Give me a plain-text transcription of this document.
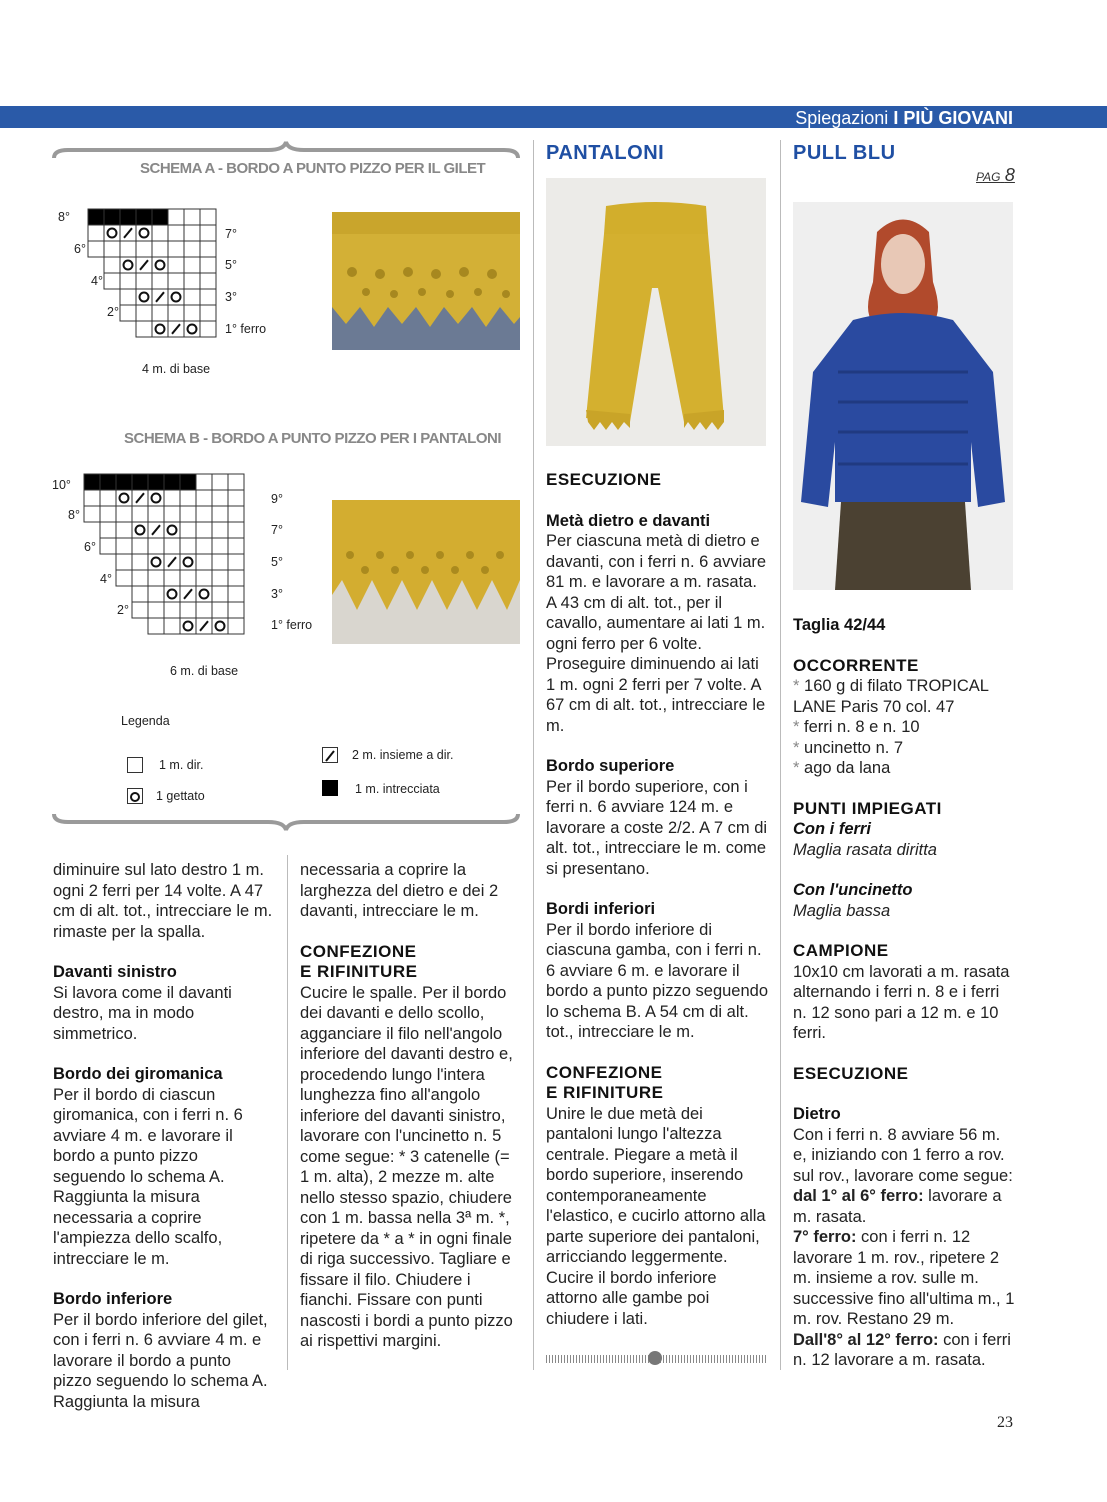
Spiegazioni I PIÙ GIOVANI
SCHEMA A - BORDO A PUNTO PIZZO PER IL GILET
8°
6°
4°
2°
7°
5°
3°
1° ferro
4 m. di base
SCHEMA B - BORDO A PUNTO PIZZO PER I PANTALONI
10°
8°
6°
4°
2°
9°
7°
5°
3°
1° ferro
6 m. di base
Legenda
1 m. dir.
1 gettato
2 m. insieme a dir.
1 m. intrecciata

diminuire sul lato destro 1 m. ogni 2 ferri per 14 volte. A 47 cm di alt. tot., intrecciare le m. rimaste per la spalla.

Davanti sinistro

Si lavora come il davanti destro, ma in modo simmetrico.

Bordo dei giromanica

Per il bordo di ciascun giromanica, con i ferri n. 6 avviare 4 m. e lavorare il bordo a punto pizzo seguendo lo schema A. Raggiunta la misura necessaria a coprire l'ampiezza dello scalfo, intrecciare le m.

Bordo inferiore

Per il bordo inferiore del gilet, con i ferri n. 6 avviare 4 m. e lavorare il bordo a punto pizzo seguendo lo schema A. Raggiunta la misura

necessaria a coprire la larghezza del dietro e dei 2 davanti, intrecciare le m.

CONFEZIONE
E RIFINITURE

Cucire le spalle. Per il bordo dei davanti e dello scollo, agganciare il filo nell'angolo inferiore del davanti destro e, procedendo lungo l'intera lunghezza fino all'angolo inferiore del davanti sinistro, lavorare con l'uncinetto n. 5 come segue: * 3 catenelle (= 1 m. alta), 2 mezze m. alte nello stesso spazio, chiudere con 1 m. bassa nella 3ª m. *, ripetere da * a * in ogni finale di riga successivo. Tagliare e fissare il filo. Chiudere i fianchi. Fissare con punti nascosti i bordi a punto pizzo ai rispettivi margini.

PANTALONI
ESECUZIONE
Metà dietro e davanti

Per ciascuna metà di dietro e davanti, con i ferri n. 6 avviare 81 m. e lavorare a m. rasata. A 43 cm di alt. tot., per il cavallo, aumentare ai lati 1 m. ogni ferro per 6 volte. Proseguire diminuendo ai lati 1 m. ogni 2 ferri per 7 volte. A 67 cm di alt. tot., intrecciare le m.

Bordo superiore

Per il bordo superiore, con i ferri n. 6 avviare 124 m. e lavorare a coste 2/2. A 7 cm di alt. tot., intrecciare le m. come si presentano.

Bordi inferiori

Per il bordo inferiore di ciascuna gamba, con i ferri n. 6 avviare 6 m. e lavorare il bordo a punto pizzo seguendo lo schema B. A 54 cm di alt. tot., intrecciare le m.

CONFEZIONE
E RIFINITURE

Unire le due metà dei pantaloni lungo l'altezza centrale. Piegare a metà il bordo superiore, inserendo contemporaneamente l'elastico, e cucirlo attorno alla parte superiore dei pantaloni, arricciando leggermente. Cucire il bordo inferiore attorno alle gambe poi chiudere i lati.

PULL BLU
PAG 8
Taglia 42/44
OCCORRENTE

* 160 g di filato TROPICAL LANE Paris 70 col. 47

* ferri n. 8 e n. 10

* uncinetto n. 7

* ago da lana

PUNTI IMPIEGATI
Con i ferri

Maglia rasata diritta

Con l'uncinetto

Maglia bassa

CAMPIONE

10x10 cm lavorati a m. rasata alternando i ferri n. 8 e i ferri n. 12 sono pari a 12 m. e 10 ferri.

ESECUZIONE
Dietro

Con i ferri n. 8 avviare 56 m. e, iniziando con 1 ferro a rov. sul rov., lavorare come segue:

dal 1° al 6° ferro: lavorare a m. rasata.

7° ferro: con i ferri n. 12 lavorare 1 m. rov., ripetere 2 m. insieme a rov. sulle m. successive fino all'ultima m., 1 m. rov. Restano 29 m.

Dall'8° al 12° ferro: con i ferri n. 12 lavorare a m. rasata.

23
